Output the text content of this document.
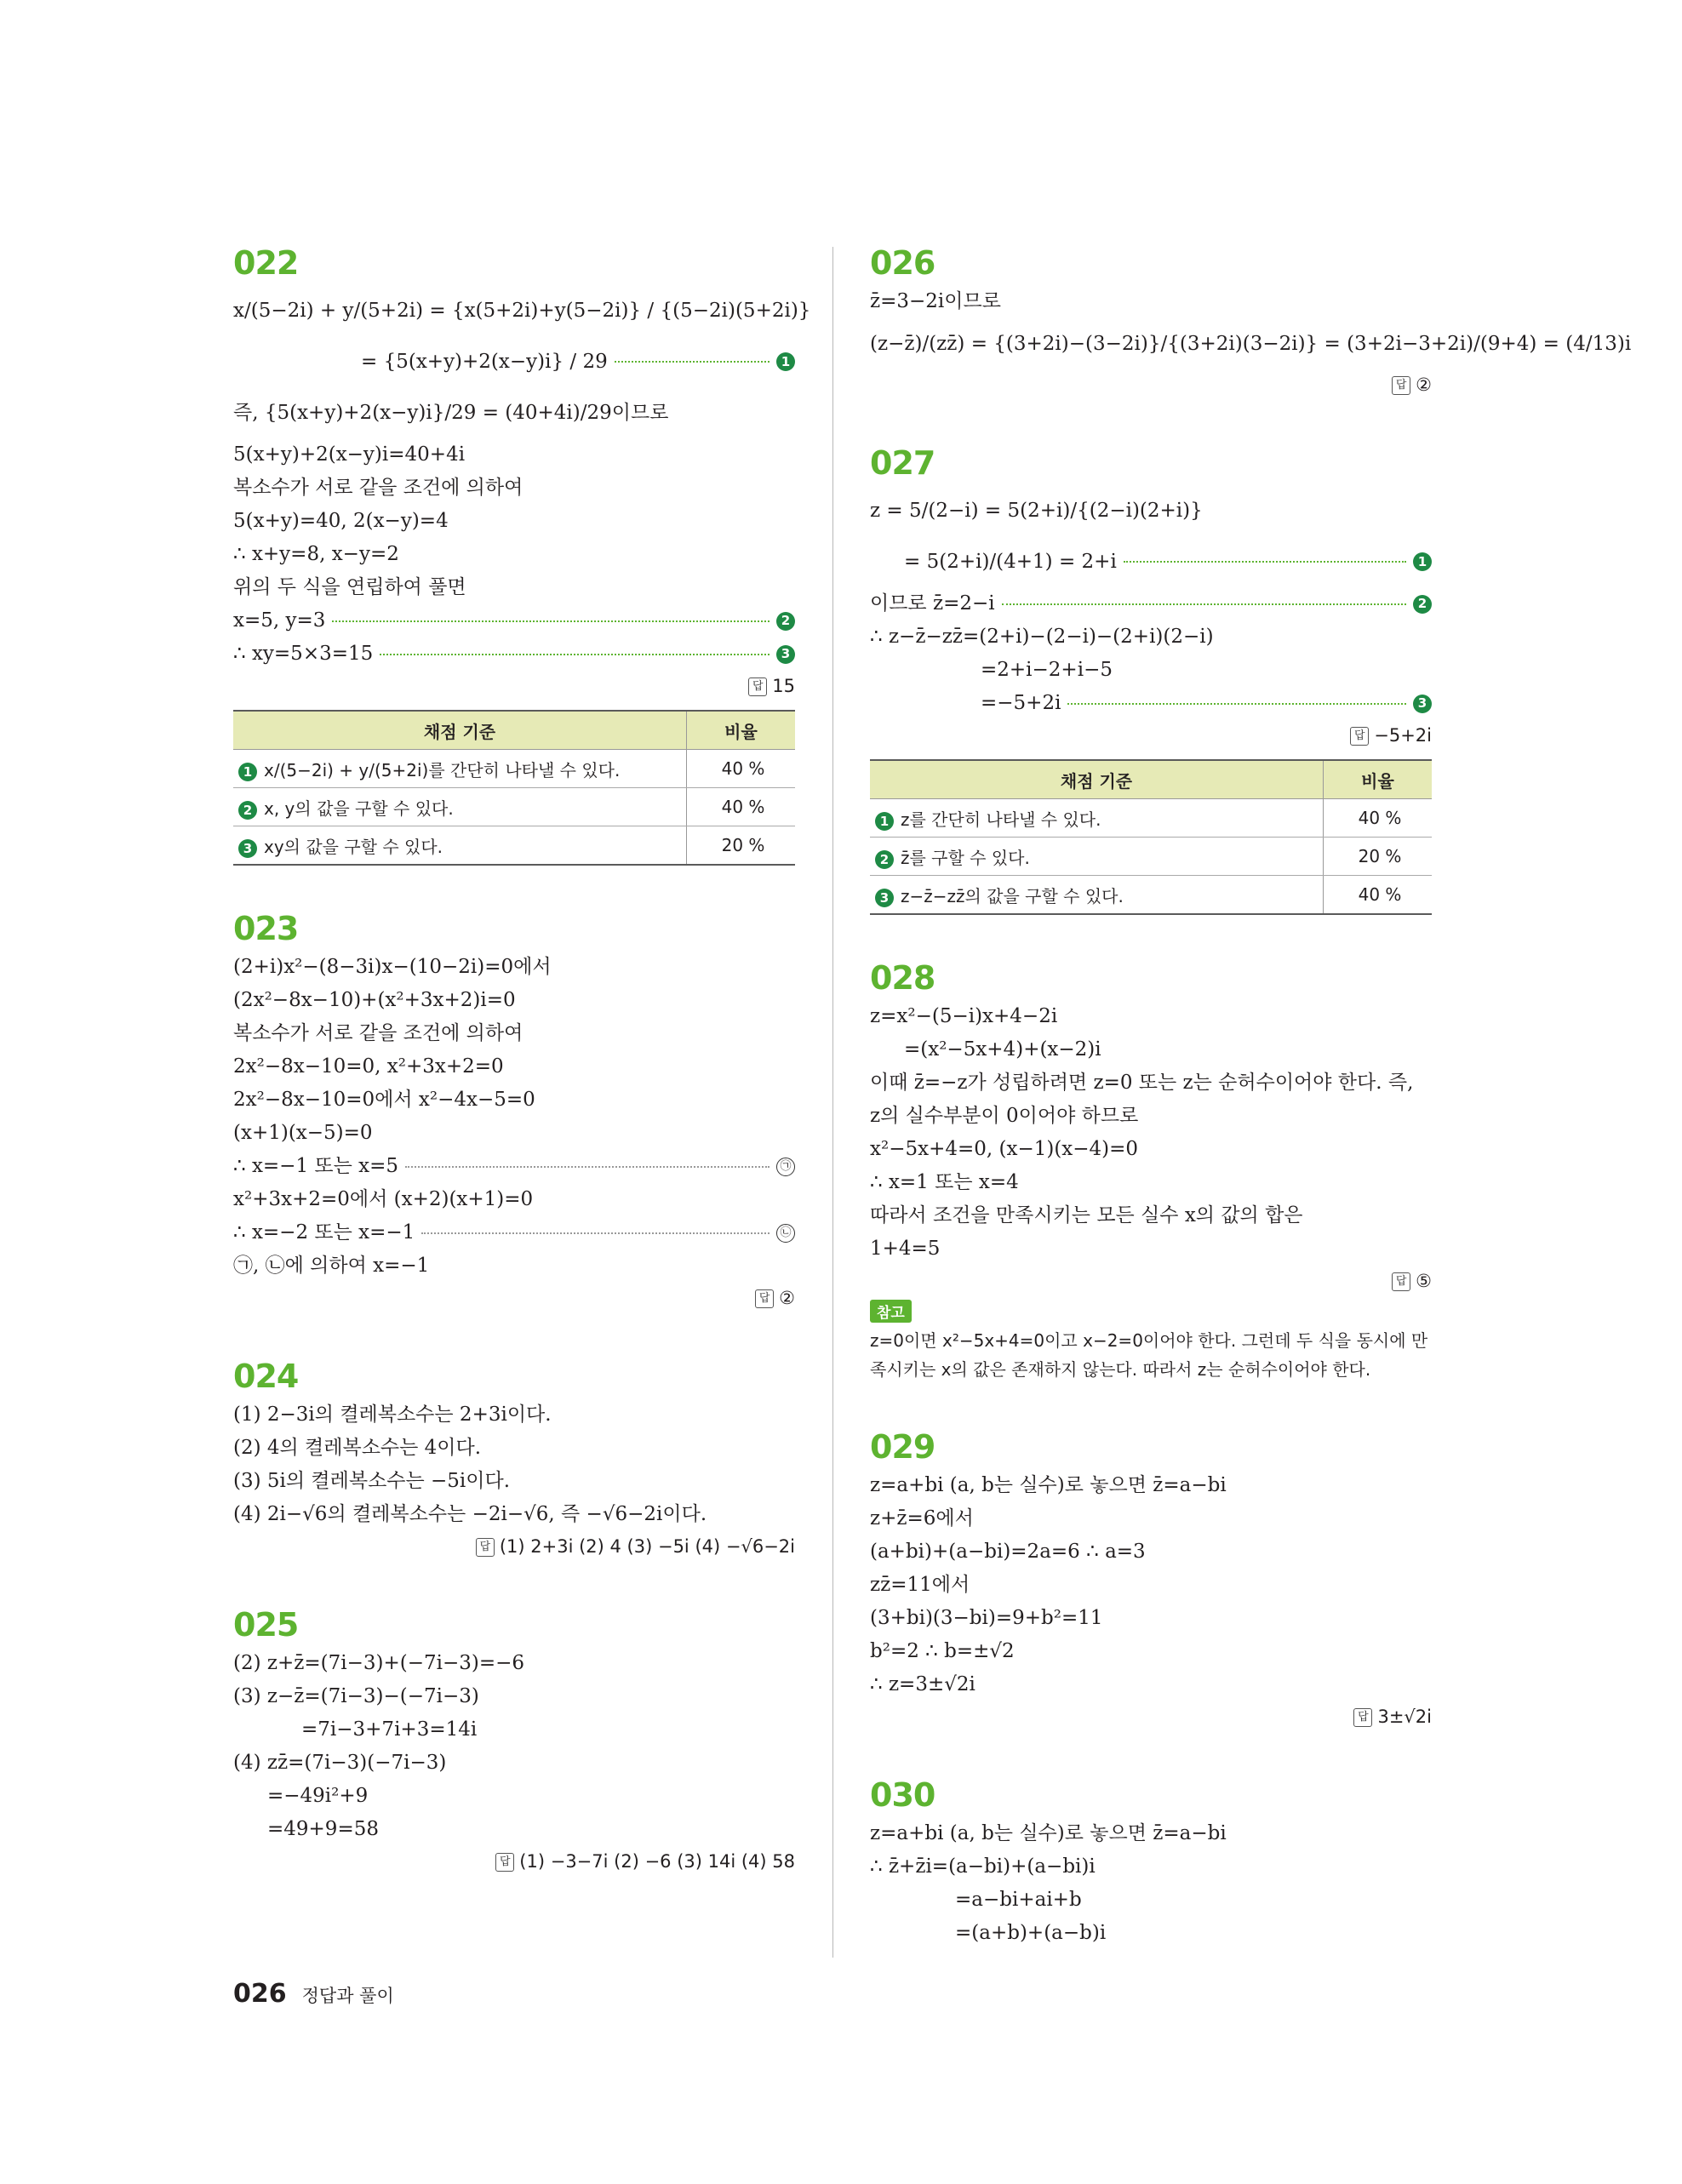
022
x/(5−2i) + y/(5+2i) = {x(5+2i)+y(5−2i)} / {(5−2i)(5+2i)}
= {5(x+y)+2(x−y)i} / 29	1
즉, {5(x+y)+2(x−y)i}/29 = (40+4i)/29이므로
5(x+y)+2(x−y)i=40+4i
복소수가 서로 같을 조건에 의하여
5(x+y)=40, 2(x−y)=4
∴ x+y=8, x−y=2
위의 두 식을 연립하여 풀면
x=5, y=3	2
∴ xy=5×3=15	3
답 15
채점 기준	비율
1 x/(5−2i) + y/(5+2i)를 간단히 나타낼 수 있다.	40 %
2 x, y의 값을 구할 수 있다.	40 %
3 xy의 값을 구할 수 있다.	20 %
023
(2+i)x²−(8−3i)x−(10−2i)=0에서
(2x²−8x−10)+(x²+3x+2)i=0
복소수가 서로 같을 조건에 의하여
2x²−8x−10=0, x²+3x+2=0
2x²−8x−10=0에서 x²−4x−5=0
(x+1)(x−5)=0
∴ x=−1 또는 x=5	㉠
x²+3x+2=0에서 (x+2)(x+1)=0
∴ x=−2 또는 x=−1	㉡
㉠, ㉡에 의하여 x=−1
답 ②
024
(1) 2−3i의 켤레복소수는 2+3i이다.
(2) 4의 켤레복소수는 4이다.
(3) 5i의 켤레복소수는 −5i이다.
(4) 2i−√6의 켤레복소수는 −2i−√6, 즉 −√6−2i이다.
답 (1) 2+3i (2) 4 (3) −5i (4) −√6−2i
025
(2) z+z̄=(7i−3)+(−7i−3)=−6
(3) z−z̄=(7i−3)−(−7i−3)
=7i−3+7i+3=14i
(4) zz̄=(7i−3)(−7i−3)
=−49i²+9
=49+9=58
답 (1) −3−7i (2) −6 (3) 14i (4) 58
026
z̄=3−2i이므로
(z−z̄)/(zz̄) = {(3+2i)−(3−2i)}/{(3+2i)(3−2i)} = (3+2i−3+2i)/(9+4) = (4/13)i
답 ②
027
z = 5/(2−i) = 5(2+i)/{(2−i)(2+i)}
= 5(2+i)/(4+1) = 2+i	1
이므로 z̄=2−i	2
∴ z−z̄−zz̄=(2+i)−(2−i)−(2+i)(2−i)
=2+i−2+i−5
=−5+2i	3
답 −5+2i
채점 기준	비율
1 z를 간단히 나타낼 수 있다.	40 %
2 z̄를 구할 수 있다.	20 %
3 z−z̄−zz̄의 값을 구할 수 있다.	40 %
028
z=x²−(5−i)x+4−2i
=(x²−5x+4)+(x−2)i
이때 z̄=−z가 성립하려면 z=0 또는 z는 순허수이어야 한다. 즉,
z의 실수부분이 0이어야 하므로
x²−5x+4=0, (x−1)(x−4)=0
∴ x=1 또는 x=4
따라서 조건을 만족시키는 모든 실수 x의 값의 합은
1+4=5
답 ⑤
참고
z=0이면 x²−5x+4=0이고 x−2=0이어야 한다. 그런데 두 식을 동시에 만족시키는 x의 값은 존재하지 않는다. 따라서 z는 순허수이어야 한다.
029
z=a+bi (a, b는 실수)로 놓으면 z̄=a−bi
z+z̄=6에서
(a+bi)+(a−bi)=2a=6 ∴ a=3
zz̄=11에서
(3+bi)(3−bi)=9+b²=11
b²=2 ∴ b=±√2
∴ z=3±√2i
답 3±√2i
030
z=a+bi (a, b는 실수)로 놓으면 z̄=a−bi
∴ z̄+z̄i=(a−bi)+(a−bi)i
=a−bi+ai+b
=(a+b)+(a−b)i
026 정답과 풀이
